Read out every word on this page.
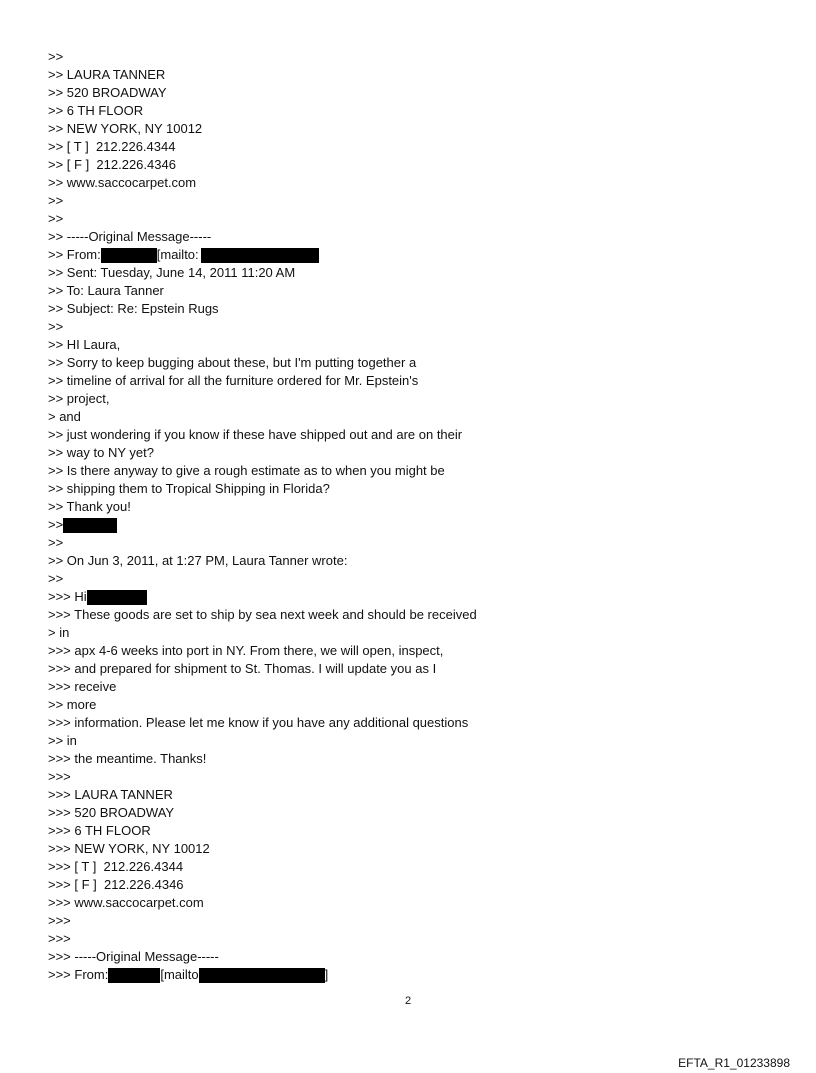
>>
>> LAURA TANNER
>> 520 BROADWAY
>> 6 TH FLOOR
>> NEW YORK, NY 10012
>> [ T ]  212.226.4344
>> [ F ]  212.226.4346
>> www.saccocarpet.com
>>
>>
>> -----Original Message-----
>> From:	[mailto:
>> Sent: Tuesday, June 14, 2011 11:20 AM
>> To: Laura Tanner
>> Subject: Re: Epstein Rugs
>>
>> HI Laura,
>> Sorry to keep bugging about these, but I'm putting together a
>> timeline of arrival for all the furniture ordered for Mr. Epstein's
>> project,
> and
>> just wondering if you know if these have shipped out and are on their
>> way to NY yet?
>> Is there anyway to give a rough estimate as to when you might be
>> shipping them to Tropical Shipping in Florida?
>> Thank you!
>>
>>
>> On Jun 3, 2011, at 1:27 PM, Laura Tanner wrote:
>>
>>> Hi
>>> These goods are set to ship by sea next week and should be received
> in
>>> apx 4-6 weeks into port in NY. From there, we will open, inspect,
>>> and prepared for shipment to St. Thomas. I will update you as I
>>> receive
>> more
>>> information. Please let me know if you have any additional questions
>> in
>>> the meantime. Thanks!
>>>
>>> LAURA TANNER
>>> 520 BROADWAY
>>> 6 TH FLOOR
>>> NEW YORK, NY 10012
>>> [ T ]  212.226.4344
>>> [ F ]  212.226.4346
>>> www.saccocarpet.com
>>>
>>>
>>> -----Original Message-----
>>> From:	[mailto	]
2
EFTA_R1_01233898
